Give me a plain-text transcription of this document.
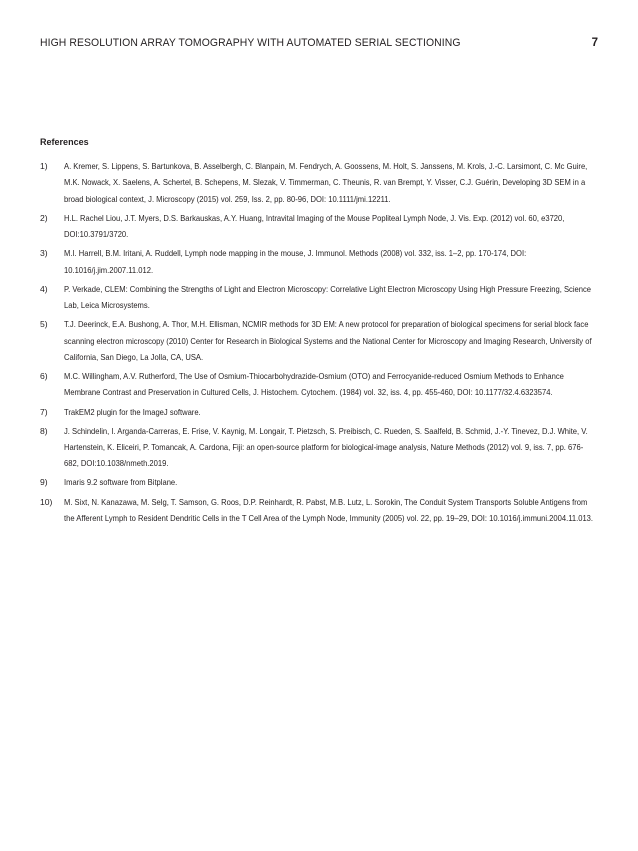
HIGH RESOLUTION ARRAY TOMOGRAPHY WITH AUTOMATED SERIAL SECTIONING	7
References
1) A. Kremer, S. Lippens, S. Bartunkova, B. Asselbergh, C. Blanpain, M. Fendrych, A. Goossens, M. Holt, S. Janssens, M. Krols, J.-C. Larsimont, C. Mc Guire, M.K. Nowack, X. Saelens, A. Schertel, B. Schepens, M. Slezak, V. Timmerman, C. Theunis, R. van Brempt, Y. Visser, C.J. Guérin, Developing 3D SEM in a broad biological context, J. Microscopy (2015) vol. 259, Iss. 2, pp. 80-96, DOI: 10.1111/jmi.12211.
2) H.L. Rachel Liou, J.T. Myers, D.S. Barkauskas, A.Y. Huang, Intravital Imaging of the Mouse Popliteal Lymph Node, J. Vis. Exp. (2012) vol. 60, e3720, DOI:10.3791/3720.
3) M.I. Harrell, B.M. Iritani, A. Ruddell, Lymph node mapping in the mouse, J. Immunol. Methods (2008) vol. 332, iss. 1–2, pp. 170-174, DOI: 10.1016/j.jim.2007.11.012.
4) P. Verkade, CLEM: Combining the Strengths of Light and Electron Microscopy: Correlative Light Electron Microscopy Using High Pressure Freezing, Science Lab, Leica Microsystems.
5) T.J. Deerinck, E.A. Bushong, A. Thor, M.H. Ellisman, NCMIR methods for 3D EM: A new protocol for preparation of biological specimens for serial block face scanning electron microscopy (2010) Center for Research in Biological Systems and the National Center for Microscopy and Imaging Research, University of California, San Diego, La Jolla, CA, USA.
6) M.C. Willingham, A.V. Rutherford, The Use of Osmium-Thiocarbohydrazide-Osmium (OTO) and Ferrocyanide-reduced Osmium Methods to Enhance Membrane Contrast and Preservation in Cultured Cells, J. Histochem. Cytochem. (1984) vol. 32, iss. 4, pp. 455-460, DOI: 10.1177/32.4.6323574.
7) TrakEM2 plugin for the ImageJ software.
8) J. Schindelin, I. Arganda-Carreras, E. Frise, V. Kaynig, M. Longair, T. Pietzsch, S. Preibisch, C. Rueden, S. Saalfeld, B. Schmid, J.-Y. Tinevez, D.J. White, V. Hartenstein, K. Eliceiri, P. Tomancak, A. Cardona, Fiji: an open-source platform for biological-image analysis, Nature Methods (2012) vol. 9, iss. 7, pp. 676-682, DOI:10.1038/nmeth.2019.
9) Imaris 9.2 software from Bitplane.
10) M. Sixt, N. Kanazawa, M. Selg, T. Samson, G. Roos, D.P. Reinhardt, R. Pabst, M.B. Lutz, L. Sorokin, The Conduit System Transports Soluble Antigens from the Afferent Lymph to Resident Dendritic Cells in the T Cell Area of the Lymph Node, Immunity (2005) vol. 22, pp. 19–29, DOI: 10.1016/j.immuni.2004.11.013.
